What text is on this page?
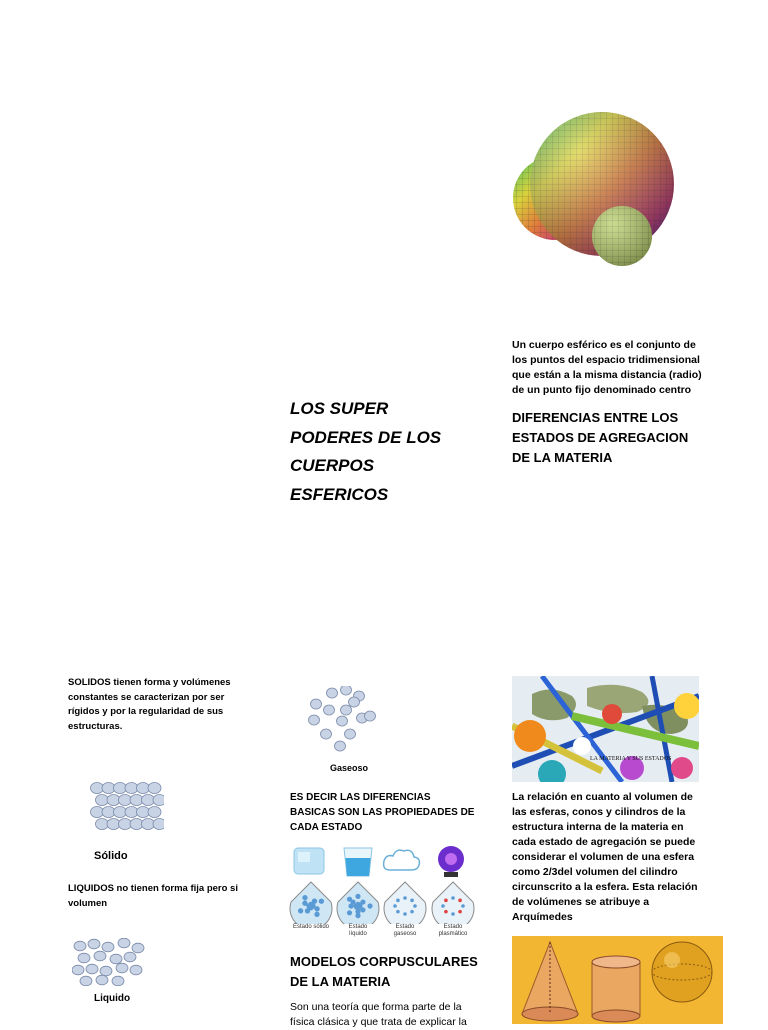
Un cuerpo esférico es el conjunto de los puntos del espacio tridimensional que están a la misma distancia (radio) de un punto fijo denominado centro
DIFERENCIAS ENTRE LOS ESTADOS DE AGREGACION DE LA MATERIA
LOS SUPER
PODERES DE LOS
CUERPOS
ESFERICOS
SOLIDOS tienen forma y volúmenes constantes se caracterizan por ser rígidos y por la regularidad de sus estructuras.
Sólido
LIQUIDOS no tienen forma fija pero si volumen
Liquido
Gaseoso
ES DECIR LAS DIFERENCIAS BASICAS SON LAS PROPIEDADES DE CADA ESTADO
Estado sólido	Estado líquido
Estado gaseoso
Estado plasmático
MODELOS CORPUSCULARES DE LA MATERIA
Son una teoría que forma parte de la física clásica y que trata de explicar la
LA MATERIA Y SUS ESTADOS
La relación en cuanto al volumen de las esferas, conos y cilindros de la estructura interna de la materia en cada estado de agregación se puede considerar el volumen de una esfera como 2/3del volumen del cilindro circunscrito a la esfera. Esta relación de volúmenes se atribuye a Arquímedes
